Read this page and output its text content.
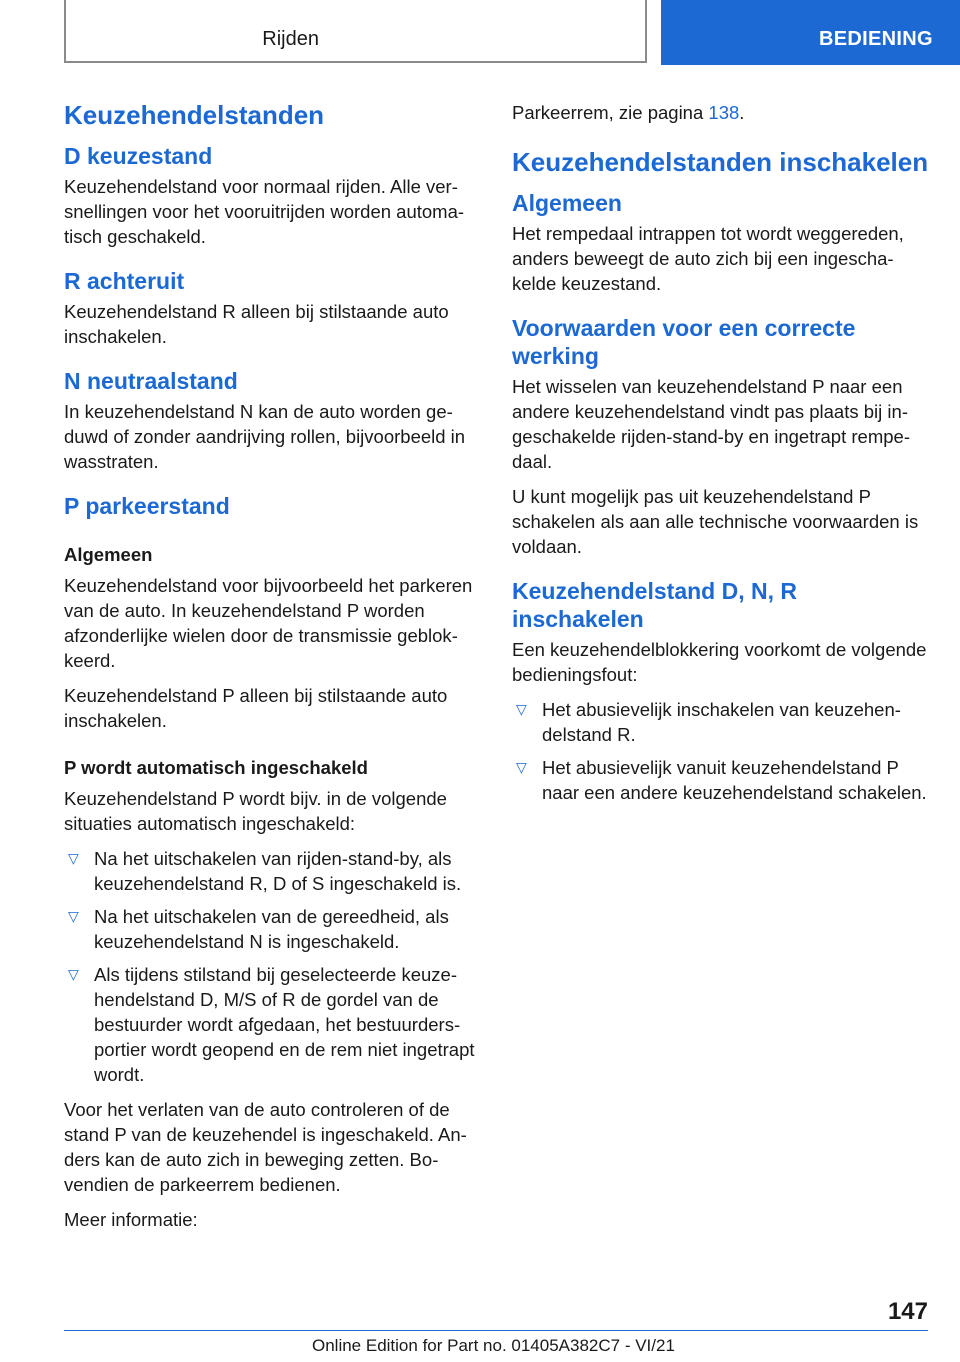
Rijden	BEDIENING
Keuzehendelstanden
D keuzestand

Keuzehendelstand voor normaal rijden. Alle versnellingen voor het vooruitrijden worden automatisch geschakeld.

R achteruit

Keuzehendelstand R alleen bij stilstaande auto inschakelen.

N neutraalstand

In keuzehendelstand N kan de auto worden geduwd of zonder aandrijving rollen, bijvoorbeeld in wasstraten.

P parkeerstand
Algemeen

Keuzehendelstand voor bijvoorbeeld het parkeren van de auto. In keuzehendelstand P worden afzonderlijke wielen door de transmissie geblokkeerd.

Keuzehendelstand P alleen bij stilstaande auto inschakelen.

P wordt automatisch ingeschakeld

Keuzehendelstand P wordt bijv. in de volgende situaties automatisch ingeschakeld:

▽ Na het uitschakelen van rijden-stand-by, als keuzehendelstand R, D of S ingeschakeld is.
▽ Na het uitschakelen van de gereedheid, als keuzehendelstand N is ingeschakeld.
▽ Als tijdens stilstand bij geselecteerde keuzehendelstand D, M/S of R de gordel van de bestuurder wordt afgedaan, het bestuurdersportier wordt geopend en de rem niet ingetrapt wordt.

Voor het verlaten van de auto controleren of de stand P van de keuzehendel is ingeschakeld. Anders kan de auto zich in beweging zetten. Bovendien de parkeerrem bedienen.

Meer informatie:

Parkeerrem, zie pagina 138.

Keuzehendelstanden inschakelen
Algemeen

Het rempedaal intrappen tot wordt weggereden, anders beweegt de auto zich bij een ingeschakelde keuzestand.

Voorwaarden voor een correcte werking

Het wisselen van keuzehendelstand P naar een andere keuzehendelstand vindt pas plaats bij ingeschakelde rijden-stand-by en ingetrapt rempedaal.

U kunt mogelijk pas uit keuzehendelstand P schakelen als aan alle technische voorwaarden is voldaan.

Keuzehendelstand D, N, R inschakelen

Een keuzehendelblokkering voorkomt de volgende bedieningsfout:

▽ Het abusievelijk inschakelen van keuzehendelstand R.
▽ Het abusievelijk vanuit keuzehendelstand P naar een andere keuzehendelstand schakelen.
147
Online Edition for Part no. 01405A382C7 - VI/21
